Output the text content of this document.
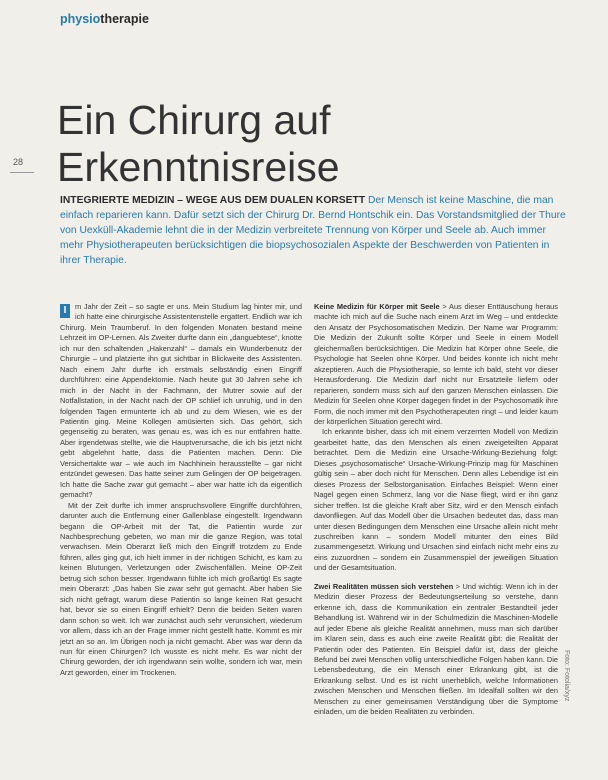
physiotherapie
28
Ein Chirurg auf Erkenntnisreise

INTEGRIERTE MEDIZIN – WEGE AUS DEM DUALEN KORSETT Der Mensch ist keine Maschine, die man einfach reparieren kann. Dafür setzt sich der Chirurg Dr. Bernd Hontschik ein. Das Vorstandsmitglied der Thure von Uexküll-Akademie lehnt die in der Medizin verbreitete Trennung von Körper und Seele ab. Auch immer mehr Physiotherapeuten berücksichtigen die biopsychosozialen Aspekte der Beschwerden von Patienten in ihrer Therapie.

I	m Jahr der Zeit – so sagte er uns. Mein Studium lag hinter mir, und ich hatte eine chirurgische Assistentenstelle ergattert. Endlich war ich Chirurg. Mein Traumberuf. In den folgenden Monaten bestand meine Lehrzeit im OP-Lernen. Als Zweiter durfte dann ein „danguebtese“, knotte ich nur den schaltenden „Hakenzahl“ – damals ein Wunderbenutz der Chirurgie – und platzierte ihn gut sichtbar in Blickweite des Assistenten. Nach einem Jahr durfte ich erstmals selbständig einen Eingriff durchführen: eine Appendektomie. Nach heute gut 30 Jahren sehe ich mich in der Nacht in der Fachmann, der Mutrer sowie auf der Notfallstation, in der Nacht nach der OP schlief ich unruhig, und in den folgenden Tagen ermunterte ich ab und zu dem Wiesen, wie es der Patientin ging. Meine Kollegen amüsierten sich. Das gehört, sich gegenseitig zu beraten, was genau es, was ich es nur entfahren hatte. Aber irgendetwas stellte, wie die Hauptverursache, die ich bis jetzt nicht gebt abgelehnt hatte, dass die Patienten machen. Denn: Die Versichertakte war – wie auch im Nachhinein herausstellte – gar nicht entzündet gewesen. Das hatte seiner zum Gelingen der OP beigetragen. Ich hatte die Sache zwar gut gemacht – aber war hatte ich da eigentlich gemacht?

Mit der Zeit durfte ich immer anspruchsvollere Eingriffe durchführen, darunter auch die Entfernung einer Gallenblase eingestellt. Irgendwann begann die OP-Arbeit mit der Tat, die Patientin wurde zur Nachbesprechung gebeten, wo man mir die ganze Region, was total verwachsen. Mein Oberarzt ließ mich den Eingriff trotzdem zu Ende führen, alles ging gut, ich hielt immer in der richtigen Schicht, es kam zu keinen Blutungen, Verletzungen oder Zwischenfällen. Meine OP-Zeit betrug sich schon besser. Irgendwann fühlte ich mich großartig! Es sagte mein Oberarzt: „Das haben Sie zwar sehr gut gemacht. Aber haben Sie sich nicht gefragt, warum diese Patientin so lange keinen Rat gesucht hat, bevor sie so einen Eingriff erhielt? Denn die beiden Seiten waren dann schon so weit. Ich war zunächst auch sehr verunsichert, wiederum vor allem, dass ich an der Frage immer nicht gestellt hatte. Kommt es mir jetzt an so an. Im Übrigen noch ja nicht gemacht. Aber was war denn da nun für einen Chirurgen? Ich wusste es nicht mehr. Es war nicht der Chirurg geworden, der ich irgendwann sein wollte, sondern ich war, mein Arzt geworden, einer im Trockenen.

Keine Medizin für Körper mit Seele > Aus dieser Enttäuschung heraus machte ich mich auf die Suche nach einem Arzt im Weg – und entdeckte den Ansatz der Psychosomatischen Medizin. Der Name war Programm: Die Medizin der Zukunft sollte Körper und Seele in einem Modell gleichermaßen berücksichtigen. Die Medizin hat Körper ohne Seele, die Psychologie hat Seelen ohne Körper. Und beides konnte ich nicht mehr akzeptieren. Auch die Physiotherapie, so lernte ich bald, steht vor dieser Herausforderung. Die Medizin darf nicht nur Ersatzteile liefern oder reparieren, sondern muss sich auf den ganzen Menschen einlassen. Die Medizin für Seelen ohne Körper dagegen findet in der Psychosomatik ihre Form, die noch immer mit den Psychotherapeuten ringt – und leider kaum der körperlichen Situation gerecht wird.

Ich erkannte bisher, dass ich mit einem verzerrten Modell von Medizin gearbeitet hatte, das den Menschen als einen zweigeteilten Apparat betrachtet. Dem die Medizin eine Ursache-Wirkung-Beziehung folgt: Dieses „psychosomatische“ Ursache-Wirkung-Prinzip mag für Maschinen gültig sein – aber doch nicht für Menschen. Denn alles Lebendige ist ein dieses Prozess der Selbstorganisation. Einfaches Beispiel: Wenn einer Nagel gegen einen Schmerz, lang vor die Nase fliegt, wird er ihn ganz sicher treffen. Ist die gleiche Kraft aber Sitz, wird er den Mensch einfach davonfliegen. Auf das Modell über die Ursachen bedeutet das, dass man unter diesen Bedingungen dem Menschen eine Ursache allein nicht mehr zuschreiben kann – sondern Modell mitunter den eines Bild zusammengesetzt. Wirkung und Ursachen sind einfach nicht mehr eins zu eins zuzuordnen – sondern ein Zusammenspiel der jeweiligen Situation und der Gesamtsituation.

Zwei Realitäten müssen sich verstehen > Und wichtig: Wenn ich in der Medizin dieser Prozess der Bedeutungserteilung so verstehe, dann erkenne ich, dass die Kommunikation ein zentraler Bestandteil jeder Behandlung ist. Während wir in der Schulmedizin die Maschinen-Modelle auf jeder Ebene als gleiche Realität annehmen, muss man sich darüber im Klaren sein, dass es auch eine zweite Realität gibt: die Realität der Patientin oder des Patienten. Ein Beispiel dafür ist, dass der gleiche Befund bei zwei Menschen völlig unterschiedliche Folgen haben kann. Die Lebensbedeutung, die ein Mensch einer Erkrankung gibt, ist die Erkrankung selbst. Und es ist nicht unerheblich, welche Informationen zwischen Menschen und Menschen fließen. Im Idealfall sollten wir den Menschen zu einer gemeinsamen Verständigung über die Symptome einladen, um die beiden Realitäten zu verbinden.

Foto: Fotolia/xyz
